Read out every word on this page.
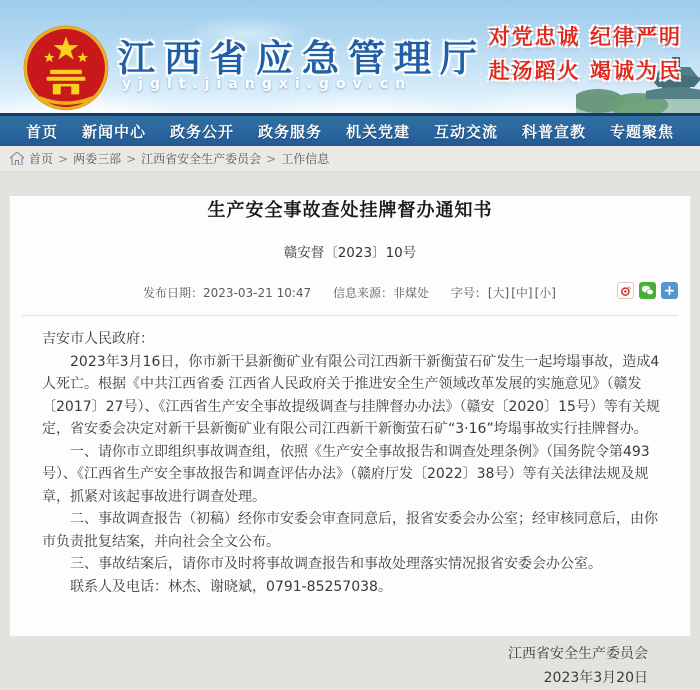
江西省应急管理厅
yjglt.jiangxi.gov.cn
对党忠诚 纪律严明
赴汤蹈火 竭诚为民
首页 新闻中心 政务公开 政务服务 机关党建 互动交流 科普宣教 专题聚焦
首页 > 两委三部 > 江西省安全生产委员会 > 工作信息
生产安全事故查处挂牌督办通知书
赣安督〔2023〕10号
发布日期：2023-03-21 10:47 信息来源：非煤处 字号：[大] [中] [小]	+

吉安市人民政府：

2023年3月16日，你市新干县新衡矿业有限公司江西新干新衡萤石矿发生一起垮塌事故，造成4人死亡。根据《中共江西省委 江西省人民政府关于推进安全生产领域改革发展的实施意见》（赣发〔2017〕27号）、《江西省生产安全事故提级调查与挂牌督办办法》（赣安〔2020〕15号）等有关规定，省安委会决定对新干县新衡矿业有限公司江西新干新衡萤石矿“3·16”垮塌事故实行挂牌督办。

一、请你市立即组织事故调查组，依照《生产安全事故报告和调查处理条例》（国务院令第493号）、《江西省生产安全事故报告和调查评估办法》（赣府厅发〔2022〕38号）等有关法律法规及规章，抓紧对该起事故进行调查处理。

二、事故调查报告（初稿）经你市安委会审查同意后，报省安委会办公室；经审核同意后，由你市负责批复结案，并向社会全文公布。

三、事故结案后，请你市及时将事故调查报告和事故处理落实情况报省安委会办公室。

联系人及电话：林杰、谢晓斌，0791-85257038。

江西省安全生产委员会
2023年3月20日
